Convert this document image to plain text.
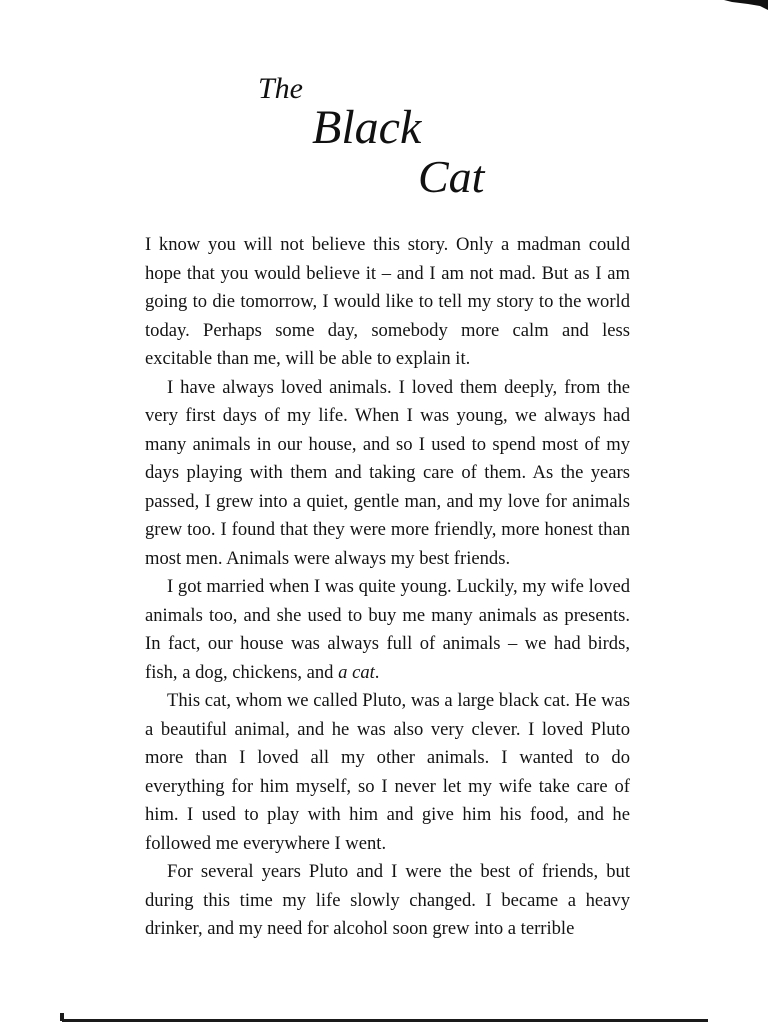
The
Black
Cat

I know you will not believe this story. Only a madman could hope that you would believe it – and I am not mad. But as I am going to die tomorrow, I would like to tell my story to the world today. Perhaps some day, somebody more calm and less excitable than me, will be able to explain it.

I have always loved animals. I loved them deeply, from the very first days of my life. When I was young, we always had many animals in our house, and so I used to spend most of my days playing with them and taking care of them. As the years passed, I grew into a quiet, gentle man, and my love for animals grew too. I found that they were more friendly, more honest than most men. Animals were always my best friends.

I got married when I was quite young. Luckily, my wife loved animals too, and she used to buy me many animals as presents. In fact, our house was always full of animals – we had birds, fish, a dog, chickens, and a cat.

This cat, whom we called Pluto, was a large black cat. He was a beautiful animal, and he was also very clever. I loved Pluto more than I loved all my other animals. I wanted to do everything for him myself, so I never let my wife take care of him. I used to play with him and give him his food, and he followed me everywhere I went.

For several years Pluto and I were the best of friends, but during this time my life slowly changed. I became a heavy drinker, and my need for alcohol soon grew into a terrible
